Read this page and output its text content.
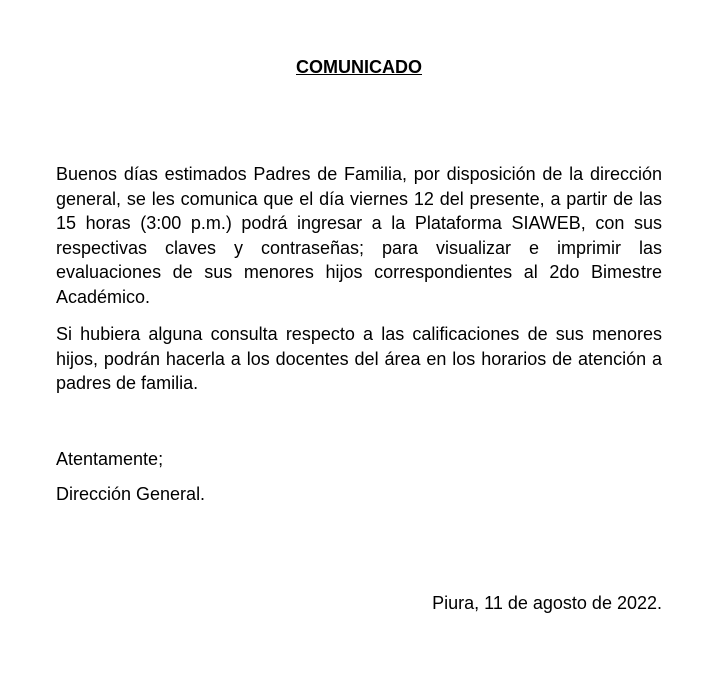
COMUNICADO

Buenos días estimados Padres de Familia, por disposición de la dirección general, se les comunica que el día viernes 12 del presente, a partir de las 15 horas (3:00 p.m.) podrá ingresar a la Plataforma SIAWEB, con sus respectivas claves y contraseñas; para visualizar e imprimir las evaluaciones de sus menores hijos correspondientes al 2do Bimestre Académico.

Si hubiera alguna consulta respecto a las calificaciones de sus menores hijos, podrán hacerla a los docentes del área en los horarios de atención a padres de familia.

Atentamente;
Dirección General.
Piura, 11 de agosto de 2022.
